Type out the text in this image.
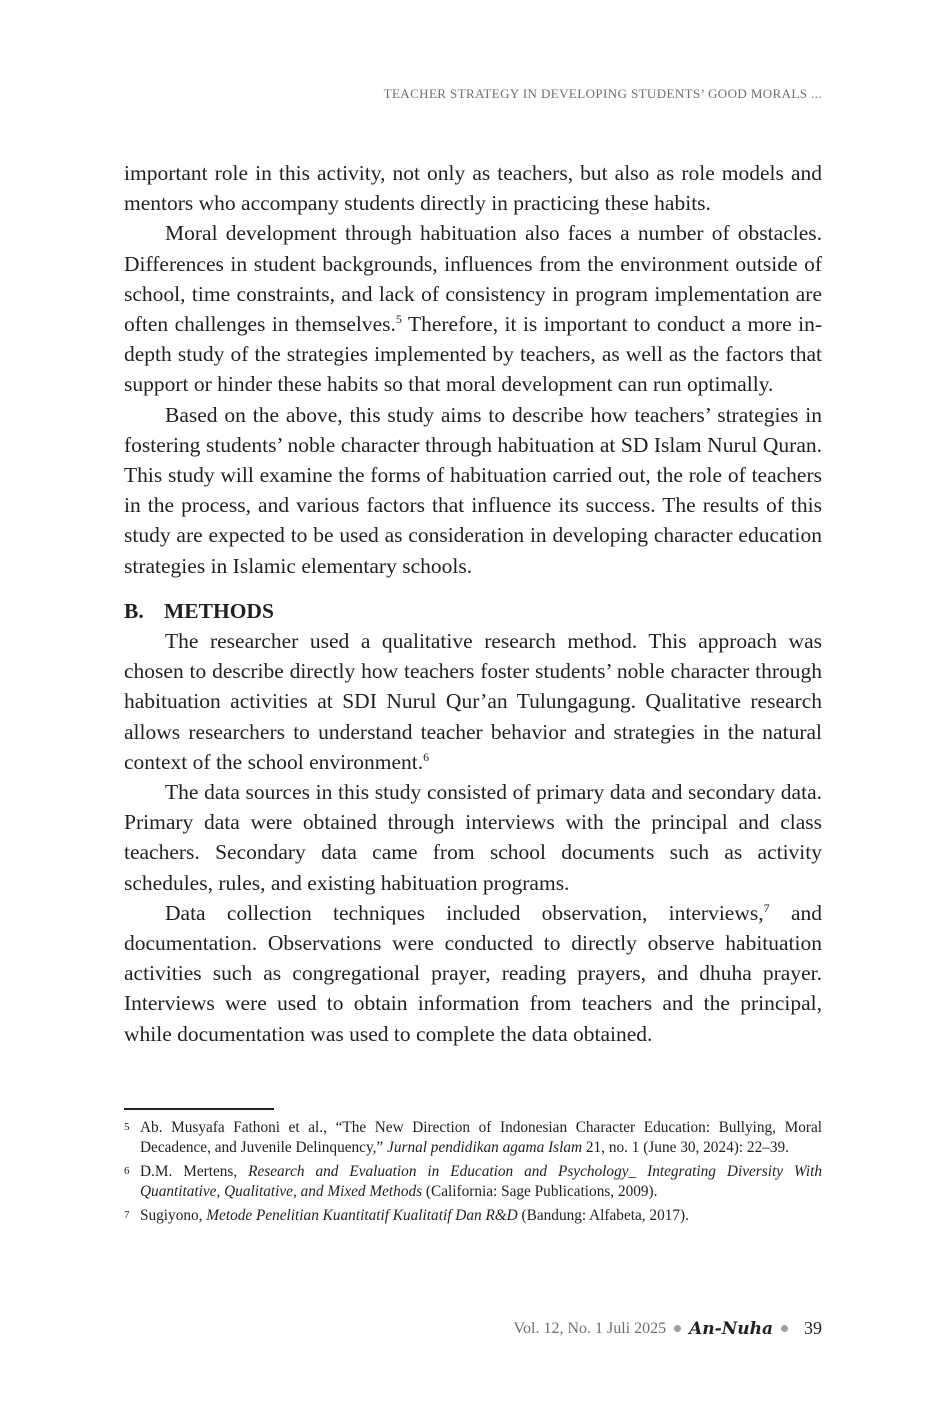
TEACHER STRATEGY IN DEVELOPING STUDENTS’ GOOD MORALS ...

important role in this activity, not only as teachers, but also as role models and mentors who accompany students directly in practicing these habits.

Moral development through habituation also faces a number of obstacles. Differences in student backgrounds, influences from the environment outside of school, time constraints, and lack of consistency in program implementation are often challenges in themselves.$^5$ Therefore, it is important to conduct a more in-depth study of the strategies implemented by teachers, as well as the factors that support or hinder these habits so that moral development can run optimally.

Based on the above, this study aims to describe how teachers’ strategies in fostering students’ noble character through habituation at SD Islam Nurul Quran. This study will examine the forms of habituation carried out, the role of teachers in the process, and various factors that influence its success. The results of this study are expected to be used as consideration in developing character education strategies in Islamic elementary schools.

B. METHODS

The researcher used a qualitative research method. This approach was chosen to describe directly how teachers foster students’ noble character through habituation activities at SDI Nurul Qur’an Tulungagung. Qualitative research allows researchers to understand teacher behavior and strategies in the natural context of the school environment.$^6$

The data sources in this study consisted of primary data and secondary data. Primary data were obtained through interviews with the principal and class teachers. Secondary data came from school documents such as activity schedules, rules, and existing habituation programs.

Data collection techniques included observation, interviews,$^7$ and documentation. Observations were conducted to directly observe habituation activities such as congregational prayer, reading prayers, and dhuha prayer. Interviews were used to obtain information from teachers and the principal, while documentation was used to complete the data obtained.

5 Ab. Musyafa Fathoni et al., “The New Direction of Indonesian Character Education: Bullying, Moral Decadence, and Juvenile Delinquency,” Jurnal pendidikan agama Islam 21, no. 1 (June 30, 2024): 22–39.
6 D.M. Mertens, Research and Evaluation in Education and Psychology_ Integrating Diversity With Quantitative, Qualitative, and Mixed Methods (California: Sage Publications, 2009).
7 Sugiyono, Metode Penelitian Kuantitatif Kualitatif Dan R&D (Bandung: Alfabeta, 2017).
Vol. 12, No. 1 Juli 2025 An-Nuha 39
